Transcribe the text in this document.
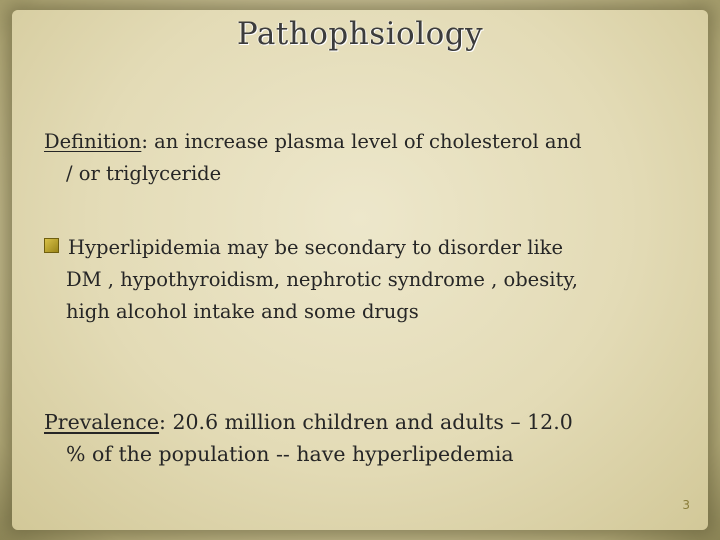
Pathophsiology
Definition: an increase plasma level of cholesterol and
/ or triglyceride
Hyperlipidemia may be secondary to disorder like
DM , hypothyroidism, nephrotic syndrome , obesity,
high alcohol intake and some drugs
Prevalence: 20.6 million children and adults – 12.0
% of the population -- have hyperlipedemia
3
